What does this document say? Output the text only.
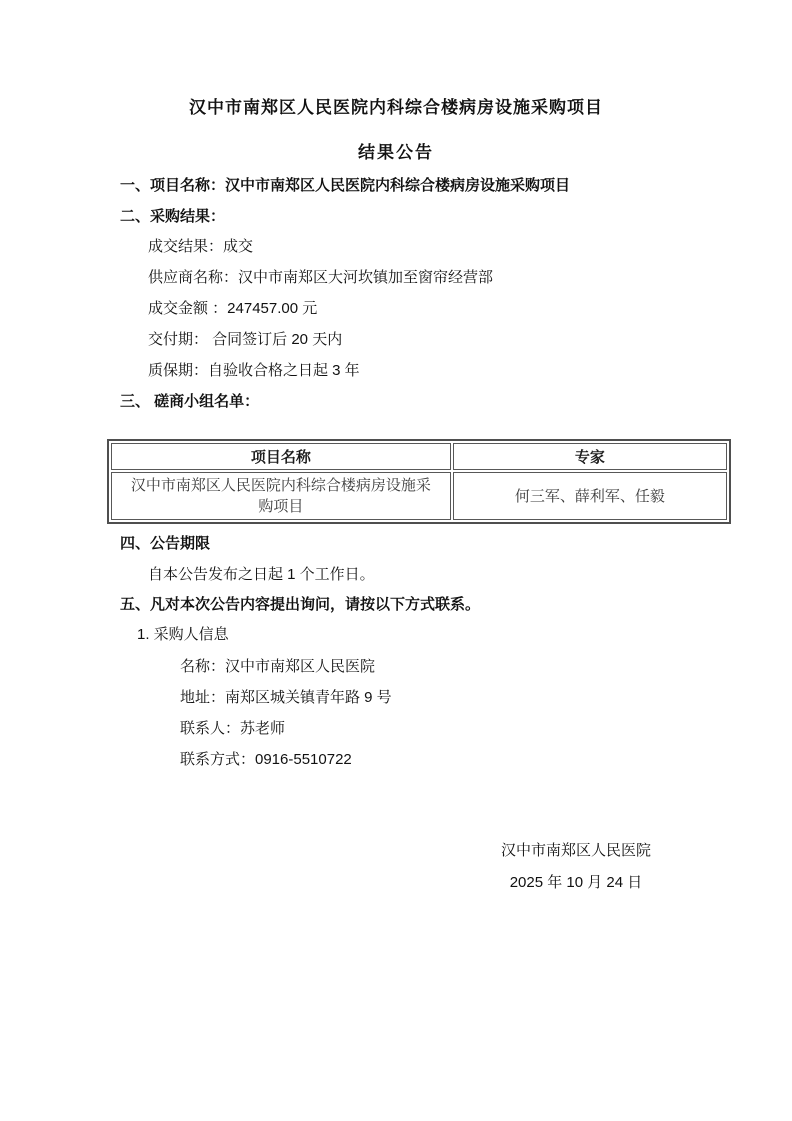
汉中市南郑区人民医院内科综合楼病房设施采购项目

结果公告

一、项目名称：汉中市南郑区人民医院内科综合楼病房设施采购项目

二、采购结果：

成交结果：成交

供应商名称：汉中市南郑区大河坎镇加至窗帘经营部

成交金额 ：247457.00 元

交付期： 合同签订后 20 天内

质保期：自验收合格之日起 3 年

三、 磋商小组名单：

项目名称	专家
汉中市南郑区人民医院内科综合楼病房设施采购项目	何三军、薛利军、任毅

四、公告期限

自本公告发布之日起 1 个工作日。

五、凡对本次公告内容提出询问，请按以下方式联系。

1. 采购人信息

名称：汉中市南郑区人民医院

地址：南郑区城关镇青年路 9 号

联系人：苏老师

联系方式：0916-5510722

汉中市南郑区人民医院

2025 年 10 月 24 日
